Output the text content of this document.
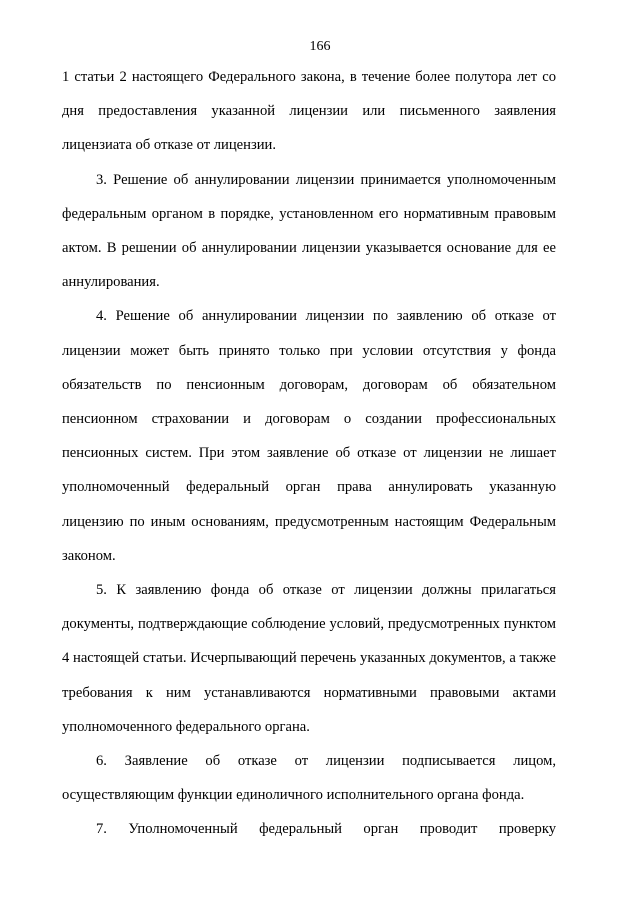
166

1 статьи 2 настоящего Федерального закона, в течение более полутора лет со дня предоставления указанной лицензии или письменного заявления лицензиата об отказе от лицензии.

3. Решение об аннулировании лицензии принимается уполномоченным федеральным органом в порядке, установленном его нормативным правовым актом. В решении об аннулировании лицензии указывается основание для ее аннулирования.

4. Решение об аннулировании лицензии по заявлению об отказе от лицензии может быть принято только при условии отсутствия у фонда обязательств по пенсионным договорам, договорам об обязательном пенсионном страховании и договорам о создании профессиональных пенсионных систем. При этом заявление об отказе от лицензии не лишает уполномоченный федеральный орган права аннулировать указанную лицензию по иным основаниям, предусмотренным настоящим Федеральным законом.

5. К заявлению фонда об отказе от лицензии должны прилагаться документы, подтверждающие соблюдение условий, предусмотренных пунктом 4 настоящей статьи. Исчерпывающий перечень указанных документов, а также требования к ним устанавливаются нормативными правовыми актами уполномоченного федерального органа.

6. Заявление об отказе от лицензии подписывается лицом, осуществляющим функции единоличного исполнительного органа фонда.

7. Уполномоченный федеральный орган проводит проверку
